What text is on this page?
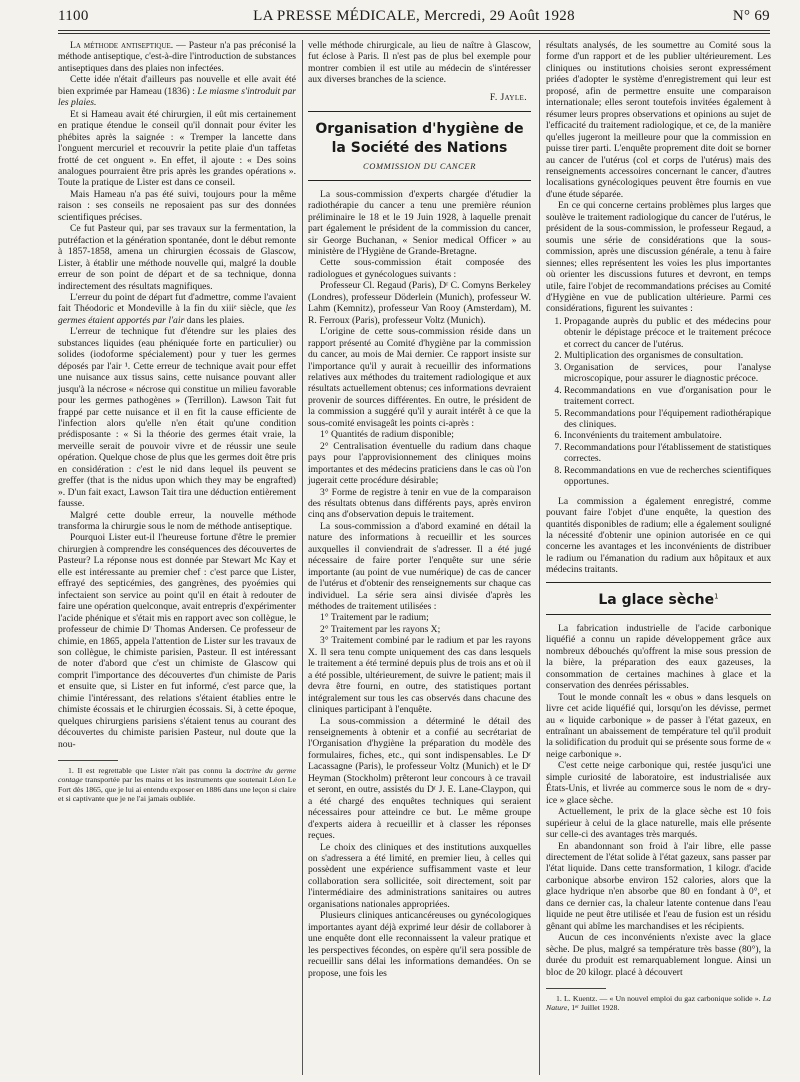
1100	LA PRESSE MÉDICALE, Mercredi, 29 Août 1928	N° 69

La méthode antiseptique. — Pasteur n'a pas préconisé la méthode antiseptique, c'est-à-dire l'introduction de substances antiseptiques dans des plaies non infectées.

Cette idée n'était d'ailleurs pas nouvelle et elle avait été bien exprimée par Hameau (1836) : Le miasme s'introduit par les plaies.

Et si Hameau avait été chirurgien, il eût mis certainement en pratique étendue le conseil qu'il donnait pour éviter les phébites après la saignée : « Tremper la lancette dans l'onguent mercuriel et recouvrir la petite plaie d'un taffetas frotté de cet onguent ». En effet, il ajoute : « Des soins analogues pourraient être pris après les grandes opérations ». Toute la pratique de Lister est dans ce conseil.

Mais Hameau n'a pas été suivi, toujours pour la même raison : ses conseils ne reposaient pas sur des données scientifiques précises.

Ce fut Pasteur qui, par ses travaux sur la fermentation, la putréfaction et la génération spontanée, dont le début remonte à 1857-1858, amena un chirurgien écossais de Glascow, Lister, à établir une méthode nouvelle qui, malgré la double erreur de son point de départ et de sa technique, donna indirectement des résultats magnifiques.

L'erreur du point de départ fut d'admettre, comme l'avaient fait Théodoric et Mondeville à la fin du xiiiᵉ siècle, que les germes étaient apportés par l'air dans les plaies.

L'erreur de technique fut d'étendre sur les plaies des substances liquides (eau phéniquée forte en particulier) ou solides (iodoforme spécialement) pour y tuer les germes déposés par l'air ¹. Cette erreur de technique avait pour effet une nuisance aux tissus sains, cette nuisance pouvant aller jusqu'à la nécrose « nécrose qui constitue un milieu favorable pour les germes pathogènes » (Terrillon). Lawson Tait fut frappé par cette nuisance et il en fit la cause efficiente de l'infection alors qu'elle n'en était qu'une condition prédisposante : « Si la théorie des germes était vraie, la merveille serait de pouvoir vivre et de réussir une seule opération. Quelque chose de plus que les germes doit être pris en considération : c'est le nid dans lequel ils peuvent se greffer (that is the nidus upon which they may be engrafted) ». D'un fait exact, Lawson Tait tira une déduction entièrement fausse.

Malgré cette double erreur, la nouvelle méthode transforma la chirurgie sous le nom de méthode antiseptique.

Pourquoi Lister eut-il l'heureuse fortune d'être le premier chirurgien à comprendre les conséquences des découvertes de Pasteur? La réponse nous est donnée par Stewart Mc Kay et elle est intéressante au premier chef : c'est parce que Lister, effrayé des septicémies, des gangrènes, des pyoémies qui infectaient son service au point qu'il en était à redouter de faire une opération quelconque, avait entrepris d'expérimenter l'acide phénique et s'était mis en rapport avec son collègue, le professeur de chimie Dʳ Thomas Andersen. Ce professeur de chimie, en 1865, appela l'attention de Lister sur les travaux de son collègue, le chimiste parisien, Pasteur. Il est intéressant de noter d'abord que c'est un chimiste de Glascow qui comprit l'importance des découvertes d'un chimiste de Paris et ensuite que, si Lister en fut informé, c'est parce que, la chimie l'intéressant, des relations s'étaient établies entre le chimiste écossais et le chirurgien écossais. Si, à cette époque, quelques chirurgiens parisiens s'étaient tenus au courant des découvertes du chimiste parisien Pasteur, nul doute que la nou-

1. Il est regrettable que Lister n'ait pas connu la doctrine du germe contage transportée par les mains et les instruments que soutenait Léon Le Fort dès 1865, que je lui ai entendu exposer en 1886 dans une leçon si claire et si captivante que je ne l'ai jamais oubliée.

velle méthode chirurgicale, au lieu de naître à Glascow, fut éclose à Paris. Il n'est pas de plus bel exemple pour montrer combien il est utile au médecin de s'intéresser aux diverses branches de la science.

F. Jayle.
Organisation d'hygiène de la Société des Nations
COMMISSION DU CANCER

La sous-commission d'experts chargée d'étudier la radiothérapie du cancer a tenu une première réunion préliminaire le 18 et le 19 Juin 1928, à laquelle prenait part également le président de la commission du cancer, sir George Buchanan, « Senior medical Officer » au ministère de l'Hygiène de Grande-Bretagne.

Cette sous-commission était composée des radiologues et gynécologues suivants :

Professeur Cl. Regaud (Paris), Dʳ C. Comyns Berkeley (Londres), professeur Döderlein (Munich), professeur W. Lahm (Kemnitz), professeur Van Rooy (Amsterdam), M. R. Ferroux (Paris), professeur Voltz (Munich).

L'origine de cette sous-commission réside dans un rapport présenté au Comité d'hygiène par la commission du cancer, au mois de Mai dernier. Ce rapport insiste sur l'importance qu'il y aurait à recueillir des informations relatives aux méthodes du traitement radiologique et aux résultats actuellement obtenus; ces informations devraient provenir de sources différentes. En outre, le président de la commission a suggéré qu'il y aurait intérêt à ce que la sous-comité envisageât les points ci-après :

1° Quantités de radium disponible;

2° Centralisation éventuelle du radium dans chaque pays pour l'approvisionnement des cliniques moins importantes et des médecins praticiens dans le cas où l'on jugerait cette procédure désirable;

3° Forme de registre à tenir en vue de la comparaison des résultats obtenus dans différents pays, après environ cinq ans d'observation depuis le traitement.

La sous-commission a d'abord examiné en détail la nature des informations à recueillir et les sources auxquelles il conviendrait de s'adresser. Il a été jugé nécessaire de faire porter l'enquête sur une série importante (au point de vue numérique) de cas de cancer de l'utérus et d'obtenir des renseignements sur chaque cas individuel. La série sera ainsi divisée d'après les méthodes de traitement utilisées :

1° Traitement par le radium;

2° Traitement par les rayons X;

3° Traitement combiné par le radium et par les rayons X. Il sera tenu compte uniquement des cas dans lesquels le traitement a été terminé depuis plus de trois ans et où il a été possible, ultérieurement, de suivre le patient; mais il devra être fourni, en outre, des statistiques portant intégralement sur tous les cas observés dans chacune des cliniques participant à l'enquête.

La sous-commission a déterminé le détail des renseignements à obtenir et a confié au secrétariat de l'Organisation d'hygiène la préparation du modèle des formulaires, fiches, etc., qui sont indispensables. Le Dʳ Lacassagne (Paris), le professeur Voltz (Munich) et le Dʳ Heyman (Stockholm) prêteront leur concours à ce travail et seront, en outre, assistés du Dʳ J. E. Lane-Claypon, qui a été chargé des enquêtes techniques qui seraient nécessaires pour atteindre ce but. Le même groupe d'experts aidera à recueillir et à classer les réponses reçues.

Le choix des cliniques et des institutions auxquelles on s'adressera a été limité, en premier lieu, à celles qui possèdent une expérience suffisamment vaste et leur collaboration sera sollicitée, soit directement, soit par l'intermédiaire des administrations sanitaires ou autres organisations nationales appropriées.

Plusieurs cliniques anticancéreuses ou gynécologiques importantes ayant déjà exprimé leur désir de collaborer à une enquête dont elle reconnaissent la valeur pratique et les perspectives fécondes, on espère qu'il sera possible de recueillir sans délai les informations demandées. On se propose, une fois les

résultats analysés, de les soumettre au Comité sous la forme d'un rapport et de les publier ultérieurement. Les cliniques ou institutions choisies seront expressément priées d'adopter le système d'enregistrement qui leur est proposé, afin de permettre ensuite une comparaison internationale; elles seront toutefois invitées également à résumer leurs propres observations et opinions au sujet de l'efficacité du traitement radiologique, et ce, de la manière qu'elles jugeront la meilleure pour que la commission en puisse tirer parti. L'enquête proprement dite doit se borner au cancer de l'utérus (col et corps de l'utérus) mais des renseignements accessoires concernant le cancer, d'autres localisations gynécologiques peuvent être fournis en vue d'une étude séparée.

En ce qui concerne certains problèmes plus larges que soulève le traitement radiologique du cancer de l'utérus, le président de la sous-commission, le professeur Regaud, a soumis une série de considérations que la sous-commission, après une discussion générale, a tenu à faire siennes; elles représentent les voies les plus importantes où orienter les discussions futures et devront, en temps utile, faire l'objet de recommandations précises au Comité d'Hygiène en vue de publication ultérieure. Parmi ces considérations, figurent les suivantes :

1. Propagande auprès du public et des médecins pour obtenir le dépistage précoce et le traitement précoce et correct du cancer de l'utérus.
2. Multiplication des organismes de consultation.
3. Organisation de services, pour l'analyse microscopique, pour assurer le diagnostic précoce.
4. Recommandations en vue d'organisation pour le traitement correct.
5. Recommandations pour l'équipement radiothérapique des cliniques.
6. Inconvénients du traitement ambulatoire.
7. Recommandations pour l'établissement de statistiques correctes.
8. Recommandations en vue de recherches scientifiques opportunes.

La commission a également enregistré, comme pouvant faire l'objet d'une enquête, la question des quantités disponibles de radium; elle a également souligné la nécessité d'obtenir une opinion autorisée en ce qui concerne les avantages et les inconvénients de distribuer le radium ou l'émanation du radium aux hôpitaux et aux médecins traitants.

La glace sèche$^1$

La fabrication industrielle de l'acide carbonique liquéfié a connu un rapide développement grâce aux nombreux débouchés qu'offrent la mise sous pression de la bière, la préparation des eaux gazeuses, la consommation de certaines machines à glace et la conservation des denrées périssables.

Tout le monde connaît les « obus » dans lesquels on livre cet acide liquéfié qui, lorsqu'on les dévisse, permet au « liquide carbonique » de passer à l'état gazeux, en entraînant un abaissement de température tel qu'il produit la solidification du produit qui se présente sous forme de « neige carbonique ».

C'est cette neige carbonique qui, restée jusqu'ici une simple curiosité de laboratoire, est industrialisée aux États-Unis, et livrée au commerce sous le nom de « dry-ice » glace sèche.

Actuellement, le prix de la glace sèche est 10 fois supérieur à celui de la glace naturelle, mais elle présente sur celle-ci des avantages très marqués.

En abandonnant son froid à l'air libre, elle passe directement de l'état solide à l'état gazeux, sans passer par l'état liquide. Dans cette transformation, 1 kilogr. d'acide carbonique absorbe environ 152 calories, alors que la glace hydrique n'en absorbe que 80 en fondant à 0°, et dans ce dernier cas, la chaleur latente contenue dans l'eau liquide ne peut être utilisée et l'eau de fusion est un résidu gênant qui abîme les marchandises et les récipients.

Aucun de ces inconvénients n'existe avec la glace sèche. De plus, malgré sa température très basse (80°), la durée du produit est remarquablement longue. Ainsi un bloc de 20 kilogr. placé à découvert

1. L. Kuentz. — « Un nouvel emploi du gaz carbonique solide ». La Nature, 1ᵉʳ Juillet 1928.
